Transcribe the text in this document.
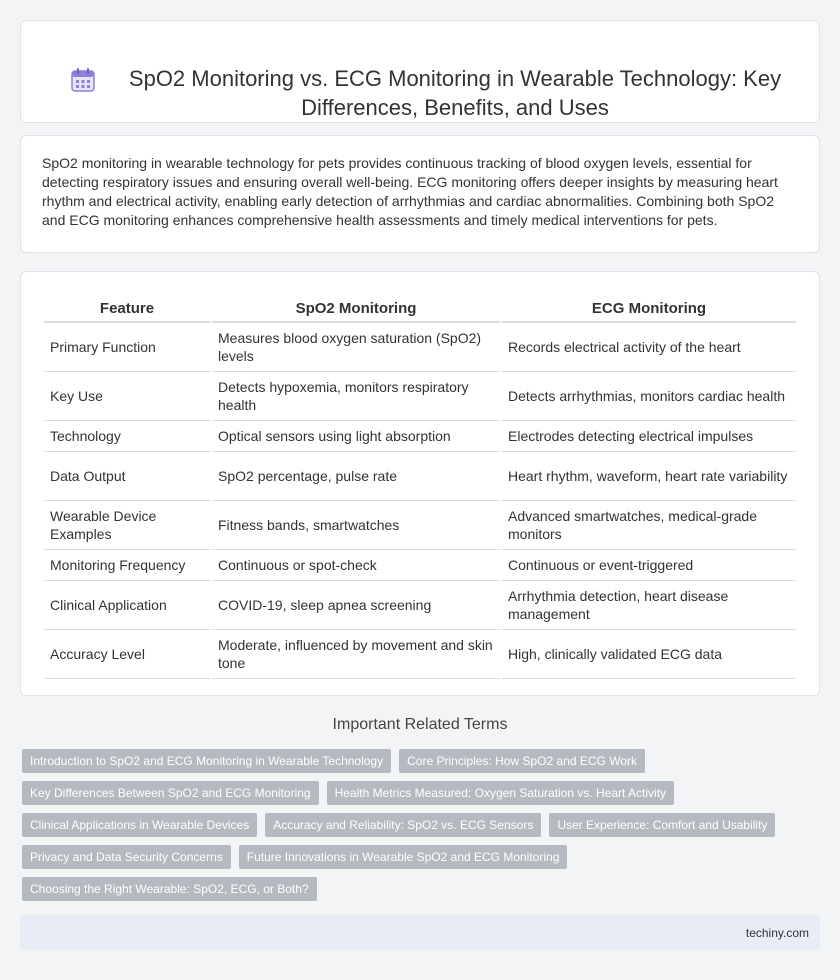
SpO2 Monitoring vs. ECG Monitoring in Wearable Technology: Key Differences, Benefits, and Uses

SpO2 monitoring in wearable technology for pets provides continuous tracking of blood oxygen levels, essential for detecting respiratory issues and ensuring overall well-being. ECG monitoring offers deeper insights by measuring heart rhythm and electrical activity, enabling early detection of arrhythmias and cardiac abnormalities. Combining both SpO2 and ECG monitoring enhances comprehensive health assessments and timely medical interventions for pets.

Feature	SpO2 Monitoring	ECG Monitoring
Primary Function	Measures blood oxygen saturation (SpO2) levels	Records electrical activity of the heart
Key Use	Detects hypoxemia, monitors respiratory health	Detects arrhythmias, monitors cardiac health
Technology	Optical sensors using light absorption	Electrodes detecting electrical impulses
Data Output	SpO2 percentage, pulse rate	Heart rhythm, waveform, heart rate variability
Wearable Device Examples	Fitness bands, smartwatches	Advanced smartwatches, medical-grade monitors
Monitoring Frequency	Continuous or spot-check	Continuous or event-triggered
Clinical Application	COVID-19, sleep apnea screening	Arrhythmia detection, heart disease management
Accuracy Level	Moderate, influenced by movement and skin tone	High, clinically validated ECG data
Important Related Terms
Introduction to SpO2 and ECG Monitoring in Wearable Technology	Core Principles: How SpO2 and ECG Work
Key Differences Between SpO2 and ECG Monitoring	Health Metrics Measured: Oxygen Saturation vs. Heart Activity
Clinical Applications in Wearable Devices	Accuracy and Reliability: SpO2 vs. ECG Sensors	User Experience: Comfort and Usability
Privacy and Data Security Concerns	Future Innovations in Wearable SpO2 and ECG Monitoring
Choosing the Right Wearable: SpO2, ECG, or Both?
techiny.com
